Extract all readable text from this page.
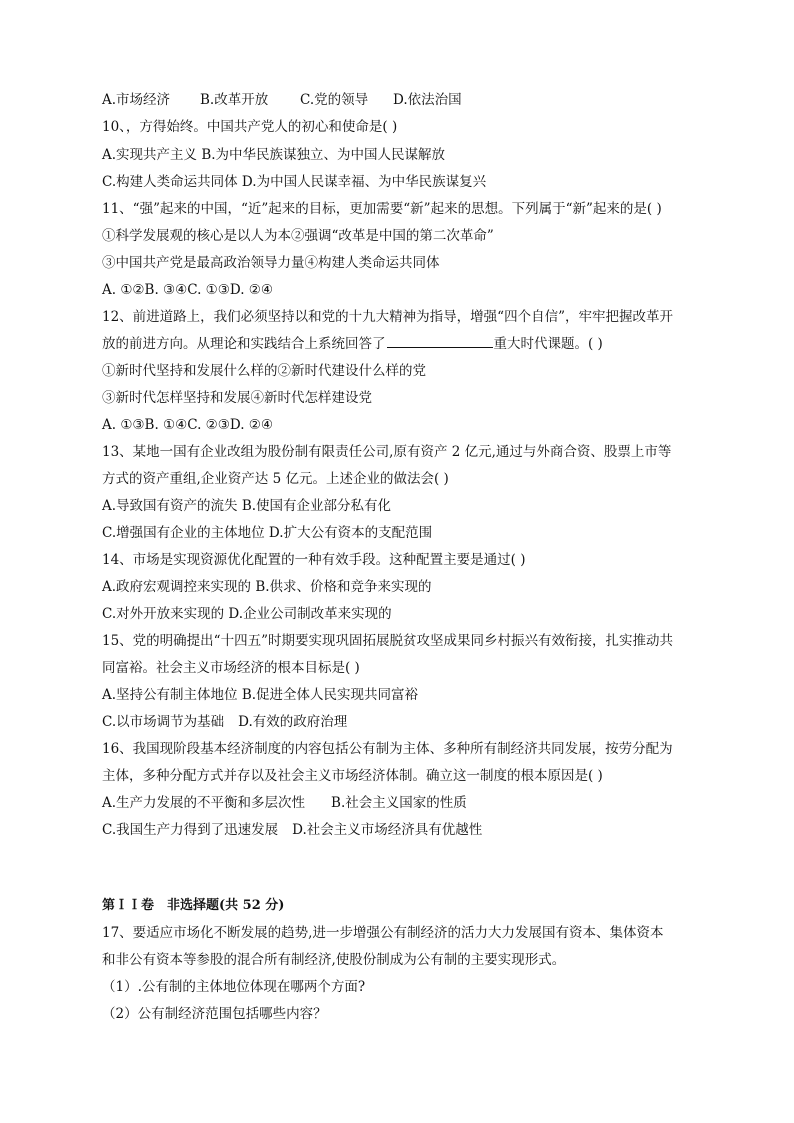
A.市场经济 B.改革开放 C.党的领导 D.依法治国
10、，方得始终。中国共产党人的初心和使命是( )
A.实现共产主义 B.为中华民族谋独立、为中国人民谋解放
C.构建人类命运共同体 D.为中国人民谋幸福、为中华民族谋复兴
11、“强”起来的中国，“近”起来的目标，更加需要“新”起来的思想。下列属于“新”起来的是( )
①科学发展观的核心是以人为本②强调“改革是中国的第二次革命”
③中国共产党是最高政治领导力量④构建人类命运共同体
A. ①②B. ③④C. ①③D. ②④
12、前进道路上，我们必须坚持以和党的十九大精神为指导，增强“四个自信”，牢牢把握改革开
放的前进方向。从理论和实践结合上系统回答了	重大时代课题。( )
①新时代坚持和发展什么样的②新时代建设什么样的党
③新时代怎样坚持和发展④新时代怎样建设党
A. ①③B. ①④C. ②③D. ②④
13、某地一国有企业改组为股份制有限责任公司,原有资产 2 亿元,通过与外商合资、股票上市等
方式的资产重组,企业资产达 5 亿元。上述企业的做法会( )
A.导致国有资产的流失 B.使国有企业部分私有化
C.增强国有企业的主体地位 D.扩大公有资本的支配范围
14、市场是实现资源优化配置的一种有效手段。这种配置主要是通过( )
A.政府宏观调控来实现的 B.供求、价格和竞争来实现的
C.对外开放来实现的 D.企业公司制改革来实现的
15、党的明确提出“十四五”时期要实现巩固拓展脱贫攻坚成果同乡村振兴有效衔接，扎实推动共
同富裕。社会主义市场经济的根本目标是( )
A.坚持公有制主体地位 B.促进全体人民实现共同富裕
C.以市场调节为基础 D.有效的政府治理
16、我国现阶段基本经济制度的内容包括公有制为主体、多种所有制经济共同发展，按劳分配为
主体，多种分配方式并存以及社会主义市场经济体制。确立这一制度的根本原因是( )
A.生产力发展的不平衡和多层次性 B.社会主义国家的性质
C.我国生产力得到了迅速发展 D.社会主义市场经济具有优越性
第ＩＩ卷　非选择题(共 52 分)
17、要适应市场化不断发展的趋势,进一步增强公有制经济的活力大力发展国有资本、集体资本
和非公有资本等参股的混合所有制经济,使股份制成为公有制的主要实现形式。
（1）.公有制的主体地位体现在哪两个方面?
（2）公有制经济范围包括哪些内容？
